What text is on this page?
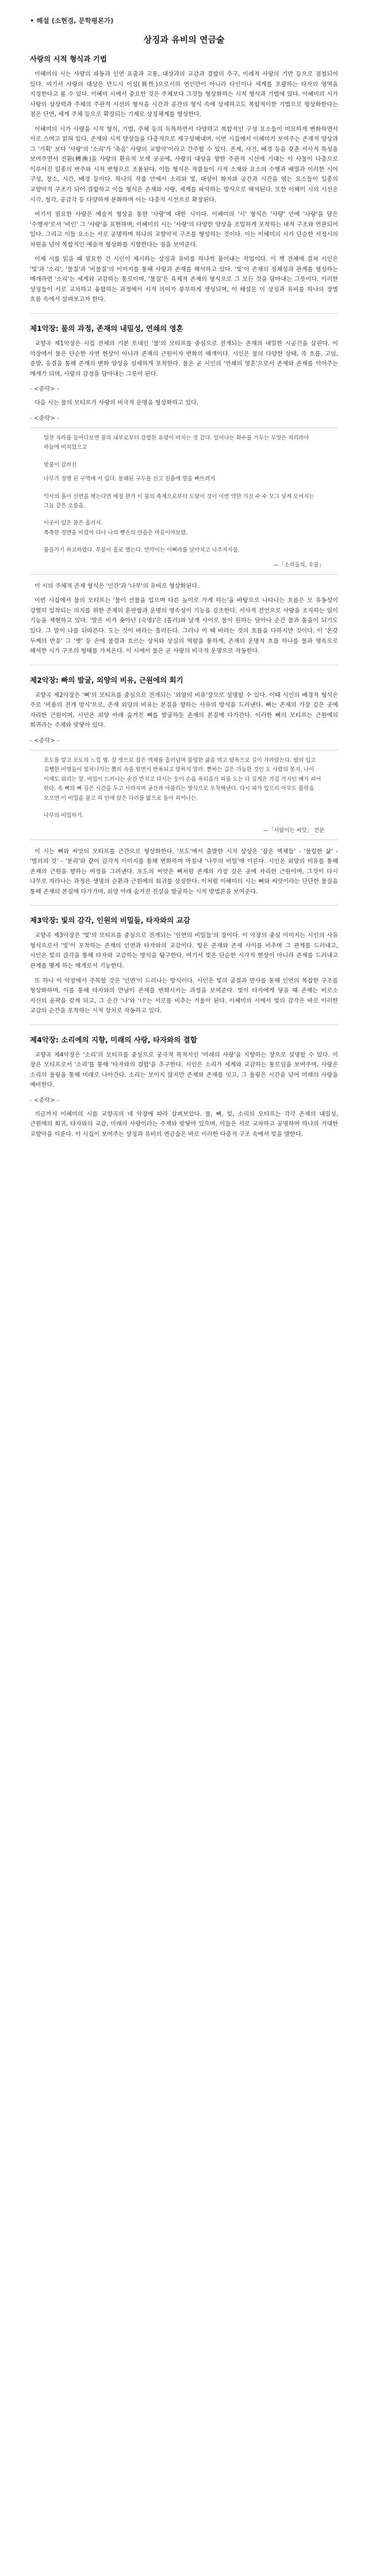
• 해설 (소현경, 문학평론가)
상징과 유비의 연금술
사랑의 시적 형식과 기법

이혜미의 시는 사랑의 파동과 인연 표출과 고통, 대상과의 교감과 결합의 추구, 이례적 사랑의 기반 등으로 점철되어 있다. 여기서 사랑의 대상은 반드시 이성(異性)으로서의 연인만이 아니라 타인이나 세계를 포괄하는 타자의 영역을 지칭한다고 볼 수 있다. 이혜미 시에서 중요한 것은 주체보다 그것들 형상화하는 시적 형식과 기법에 있다. 이혜미의 시가 사랑의 상상력과 주체의 주관적 시선의 형식을 시간과 공간의 형식 속에 상세하고도 복합적이한 기법으로 형상화한다는 점은 단연, 세계 주체 등으로 확장되는 기제로 상징체계를 형성한다.

이혜미의 시가 사랑을 시적 형식, 기법, 주체 등의 독특하면서 다양하고 복합적인 구성 요소들이 미묘하게 변화하면서 서로 스며고 얽혀 있다. 존재와 시적 양상들을 다층적으로 재구성해내며, 이번 시집에서 이혜미가 보여주는 존재적 양상과 그 '기획' 보다 '사랑'의 '소리'가 '축음' 사랑의 교향악'이라고 간주할 수 있다. 존재, 사건, 배경 등을 갖춘 서사적 특성을 보여주면서 전환(轉換)을 사랑의 환유적 모색 곳곳에, 사랑의 대상을 향한 주관적 시선에 기대는 이 사물이 다층으로 이루어진 일종의 변주와 시적 변형으로 조율된다. 이들 형식은 작품들이 시적 소재와 요소의 수행과 배열과 이러한 시어 구성, 장소, 시간, 배경 등이다. 하나의 작품 안에서 소리와 빛, 대상이 화자와 공간과 시간을 엮는 요소들이 일종의 교향악적 구조가 되어 결합하고 이들 형식은 존재와 사랑, 세계를 파악하는 방식으로 해석된다. 또한 이혜미 시의 시선은 시각, 청각, 공감각 등 다양하게 분화하며 이는 다층적 시선으로 확장된다.

여기서 필요한 사랑은 예술적 형상을 통한 '사랑'에 대한 시이다. 이혜미의 '시' 형식은 '사랑' 안에 '사랑'을 담은 '수행자'로서 '비인' 그 '사랑'을 표현하며, 이혜미의 시는 '사랑'의 다양한 양상을 조밀하게 포착하는 내적 구조와 연관되어 있다. 그리고 이들 요소는 서로 공명하며 하나의 교향악적 구조를 형성하는 것이다. 이는 이혜미의 시가 단순한 서정시의 차원을 넘어 복합적인 예술적 형상화를 지향한다는 점을 보여준다.

이제 시를 읽을 때 필요한 건 시인이 제시하는 상징과 유비를 하나씩 풀어내는 작업이다. 이 책 전체에 걸쳐 시인은 '빛'과 '소리', '물질'과 '비물질'의 이미지를 통해 사랑과 존재를 해석하고 있다. '빛'이 존재의 정체성과 관계를 형성하는 매개라면 '소리'는 세계와 교감하는 통로이며, '물질'은 육체적 존재의 형식으로 그 모든 것을 담아내는 그릇이다. 이러한 상징들이 서로 교차하고 융합하는 과정에서 시적 의미가 풍부하게 생성되며, 이 해설은 이 상징과 유비를 하나의 장별 흐름 속에서 살펴보고자 한다.

제1악장: 물의 과정, 존재의 내밀성, 연쇄의 영혼

교향곡 제1악장은 시집 전체의 기본 토대인 '물'의 모티프를 중심으로 전개되는 존재의 내밀한 시공간을 살핀다. 이 악장에서 물은 단순한 자연 현상이 아니라 존재의 근원이자 변화의 매개이다. 시인은 물의 다양한 상태, 즉 흐름, 고임, 증발, 응결을 통해 존재의 변화 양상을 섬세하게 포착한다. 물은 곧 시인의 '연쇄의 영혼'으로서 존재와 존재를 이어주는 매개가 되며, 사랑의 감정을 담아내는 그릇이 된다.

- <중략> -

다음 시는 물의 모티프가 사랑의 비극적 운명을 형상화하고 있다.

- <중략> -

멀찬 자라를 들여다보면 물의 내부로부터 강렬한 유령이 비치는 것 같다. 일어나는 화수를 거두는 무엇은 저리라야 하늘에 비치었으고

맞물이 갈라진

나무가 정맹 된 구역에 서 있다. 봉쇄된 구두를 신고 친흙에 발을 빠뜨려서

익사의 흙이 신면을 펫는다면 예절 한가 이 물의 축제으로부터 도달이 것이 이번 약한 가진 수 수 모그 넣게 모여지는 그늘 같은 오름을.

이곳이 있은 몸은 흘러서.
축축한 정면을 비렀어 다나 나의 뼛은의 안을은 마을이야보렸.

물을가기 하고하였다. 우물이 흘로 했는다. 만약이는 이뻐라를 날아치고 낙주지지물.

—「소리들의, 우물」

이 시의 주체적 존재 형식은 '인간'과 '나무'의 유비로 형상화된다.

이번 시집에서 물의 모티프는 '물이 선물을 입으며 다른 늪이로 가게 하는'을 바탕으로 나타나는 흐름은 모 유동성이 강렬히 입착되는 의지를 위한 존재의 혼란함과 운명의 영속성이 기능을 강조한다. 서사적 전언으로 사랑을 조직하는 일이 기능을 재현하고 있다. '말은 비가 솟아난 (숙명)'은 (홀러)와 날개 사이로 물이 원하는 달아나 순간 물과 돌을이 되기도 있다. 그 말이 나를 뒤따른다. 도는 것이 바라는 흘러든다. 그러나 이 때 바라는 것의 흐름을 다하지만 것이다. 이 '온갖 두께의 반응' 그 '옛' 등 손에 물결과 흐르는 상처와 상실의 역할을 통하게, 존재의 운명적 흐름 하나를 물과 영속으로 해석한 시가 구조의 형태를 가져온다. 이 시에서 물은 곧 사랑의 비극적 운명으로 작동한다.

제2악장: 빠의 발굴, 외양의 비유, 근원에의 회기

교향곡 제2악장은 '뼈'의 모티프를 중심으로 전개되는 '외양의 비유'장으로 설명할 수 있다. 이때 시인의 배경적 형식은 주로 '비용의 전개 방식'으로, 존재 외양의 비유는 본질을 향하는 사유의 방식을 드러낸다. 뼈는 존재의 가장 깊은 곳에 자리한 근원이며, 시인은 외양 아래 숨겨진 뼈를 발굴하듯 존재의 본질에 다가간다. 이러한 뼈의 모티프는 근원에의 회귀라는 주제와 맞닿아 있다.

- <중략> -

포도를 알고 포도의 느낌 범. 잘 벗으로 잡은 액체를 흘러넘며 물렁한 삶을 먹고 탐욕으로 길이 가라앉는다. 벌의 입고 길쨍한 비명들이 빛처나가는 뽐의 속을 떨면서 반폭되고 말하지 말라. 뿐하는 길은 가능한 것인 도 사람의 못지. 나이 이제도 위리는 말. 비밀이 드러나는 순간 만지고 다시는 듯이 손을 폭히을가 피를 도는 다 길게은 가질 가지인 배가 피어 한다. 속 뼈의 뼈 깊은 시간을 두고 사라지며 공간과 아물리는 방식으로 포착해낸다. 다시 피가 있으리 아무도 몰락을 오으면 이 비밀을 물고 피 안에 앉은 다리를 밟으로 돌아 피어나는.

나무의 비밀하기.

—「서랍이는 씨앗」 전문

이 시는 뼈와 씨앗의 모티프를 근간으로 형상화한다. '포도'에서 출발한 시적 상상은 '잡은 액체들' - '물렁한 삶' - '벌의의 것' - '분리'와 같이 감각적 이미지를 통해 변화하며 마침내 '나무의 비밀'에 이른다. 시인은 외양의 비유를 통해 존재의 근원을 향하는 여정을 그려낸다. 포도의 씨앗은 뼈처럼 존재의 가장 깊은 곳에 자리한 근원이며, 그것이 다시 나무로 자라나는 과정은 생명의 순환과 근원에의 회귀를 상징한다. 이처럼 이혜미의 시는 뼈와 씨앗이라는 단단한 물질을 통해 존재의 본질에 다가가며, 외양 아래 숨겨진 진실을 발굴하는 시적 방법론을 보여준다.

제3악장: 빛의 감각, 인원의 비밀들, 타자와의 교감

교향곡 제3악장은 '빛'의 모티프를 중심으로 전개되는 '인연의 비밀들'의 장이다. 이 악장의 중심 이미지는 시인의 사유 형식으로서 '빛'이 포착하는 존재의 인연과 타자와의 교감이다. 빛은 존재와 존재 사이를 비추며 그 관계를 드러내고, 시인은 빛의 감각을 통해 타자와 교감하는 방식을 탐구한다. 여기서 빛은 단순한 시각적 현상이 아니라 존재를 드러내고 관계를 맺게 하는 매개로서 기능한다.

또 하나 이 악장에서 주목할 것은 '인연'이 드러나는 방식이다. 시인은 빛의 굴절과 반사를 통해 인연의 복잡한 구조를 형상화하며, 이를 통해 타자와의 만남이 존재를 변화시키는 과정을 보여준다. 빛이 타자에게 닿을 때 존재는 비로소 자신의 윤곽을 갖게 되고, 그 순간 '나'와 '너'는 서로를 비추는 거울이 된다. 이혜미의 시에서 빛의 감각은 바로 이러한 교감의 순간을 포착하는 시적 장치로 작동하고 있다.

제4악장: 소리에의 지향, 미래의 사랑, 타자와의 결합

교향곡 제4악장은 '소리'의 모티프를 중심으로 궁극적 목적지인 '미래의 사랑'을 지향하는 장으로 설명할 수 있다. 이 장은 모티프로서 '소리'를 통해 '타자와의 결합'을 추구한다. 시인은 소리가 세계와 교감하는 통로임을 보여주며, 사랑은 소리의 울림을 통해 미래로 나아간다. 소리는 보이지 않지만 존재와 존재를 잇고, 그 울림은 시간을 넘어 미래의 사랑을 예비한다.

- <중략> -

지금까지 이혜미의 시를 교향곡의 네 악장에 따라 살펴보았다. 물, 뼈, 빛, 소리의 모티프는 각각 존재의 내밀성, 근원에의 회귀, 타자와의 교감, 미래의 사랑이라는 주제와 맞닿아 있으며, 이들은 서로 교차하고 공명하며 하나의 거대한 교향악을 이룬다. 이 시집이 보여주는 상징과 유비의 연금술은 바로 이러한 다층적 구조 속에서 빛을 발한다.
